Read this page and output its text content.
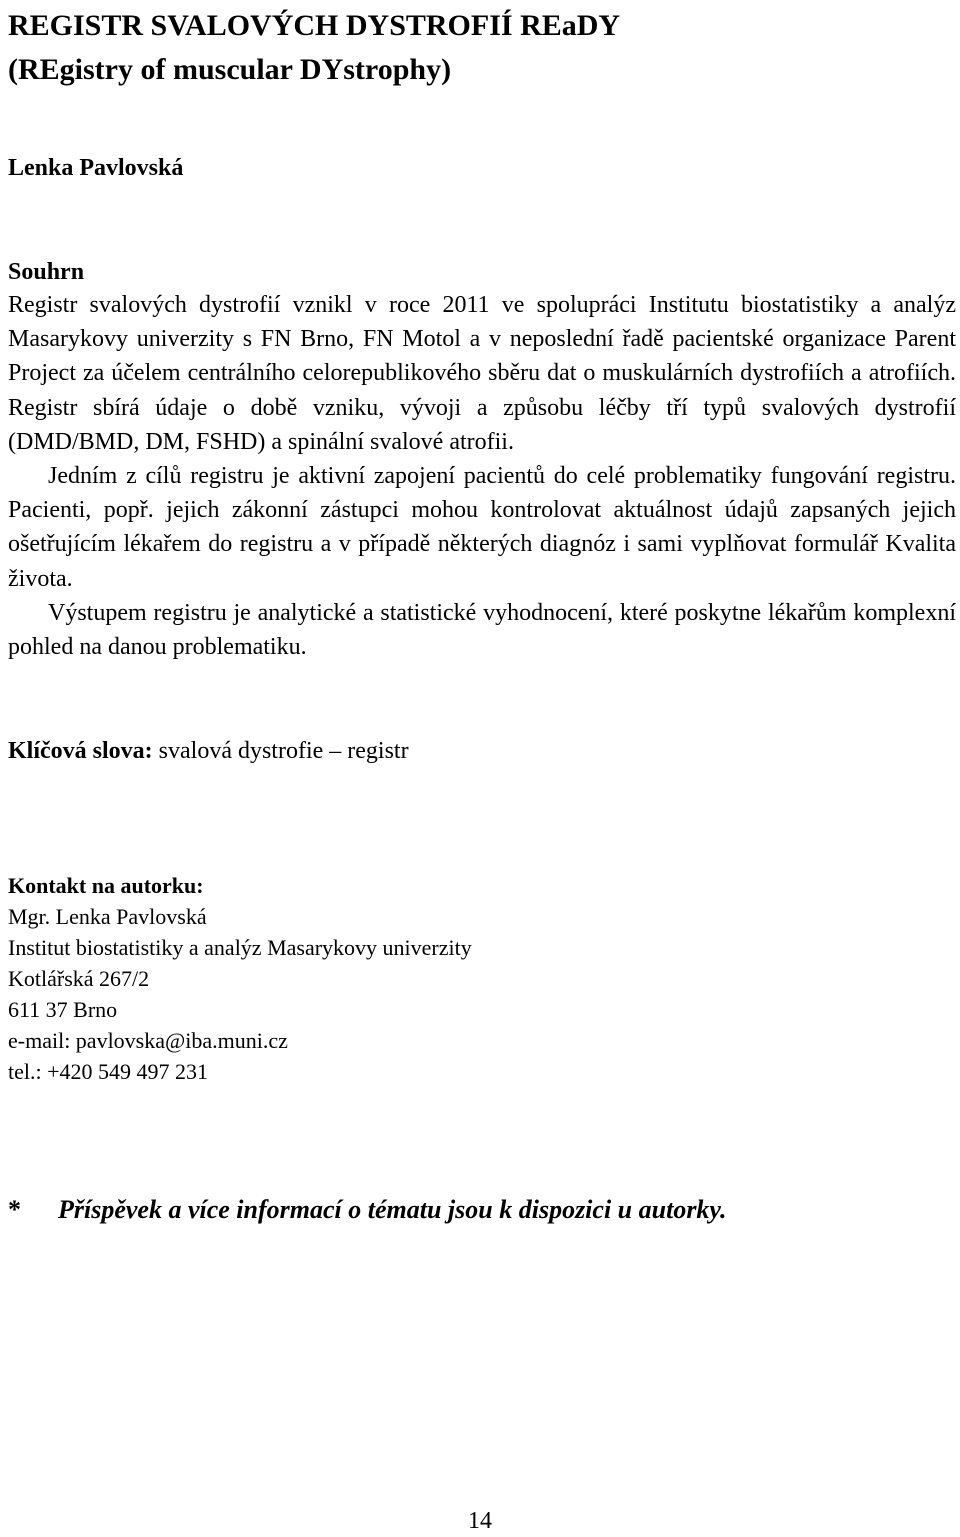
REGISTR SVALOVÝCH DYSTROFIÍ REaDY
(REgistry of muscular DYstrophy)
Lenka Pavlovská
Souhrn

Registr svalových dystrofií vznikl v roce 2011 ve spolupráci Institutu biostatistiky a analýz Masarykovy univerzity s FN Brno, FN Motol a v neposlední řadě pacientské organizace Parent Project za účelem centrálního celorepublikového sběru dat o muskulárních dystrofiích a atrofiích. Registr sbírá údaje o době vzniku, vývoji a způsobu léčby tří typů svalových dystrofií (DMD/BMD, DM, FSHD) a spinální svalové atrofii.

Jedním z cílů registru je aktivní zapojení pacientů do celé problematiky fungování registru. Pacienti, popř. jejich zákonní zástupci mohou kontrolovat aktuálnost údajů zapsaných jejich ošetřujícím lékařem do registru a v případě některých diagnóz i sami vyplňovat formulář Kvalita života.

Výstupem registru je analytické a statistické vyhodnocení, které poskytne lékařům komplexní pohled na danou problematiku.

Klíčová slova: svalová dystrofie – registr
Kontakt na autorku:
Mgr. Lenka Pavlovská
Institut biostatistiky a analýz Masarykovy univerzity
Kotlářská 267/2
611 37 Brno
e-mail: pavlovska@iba.muni.cz
tel.: +420 549 497 231
* Příspěvek a více informací o tématu jsou k dispozici u autorky.
14
